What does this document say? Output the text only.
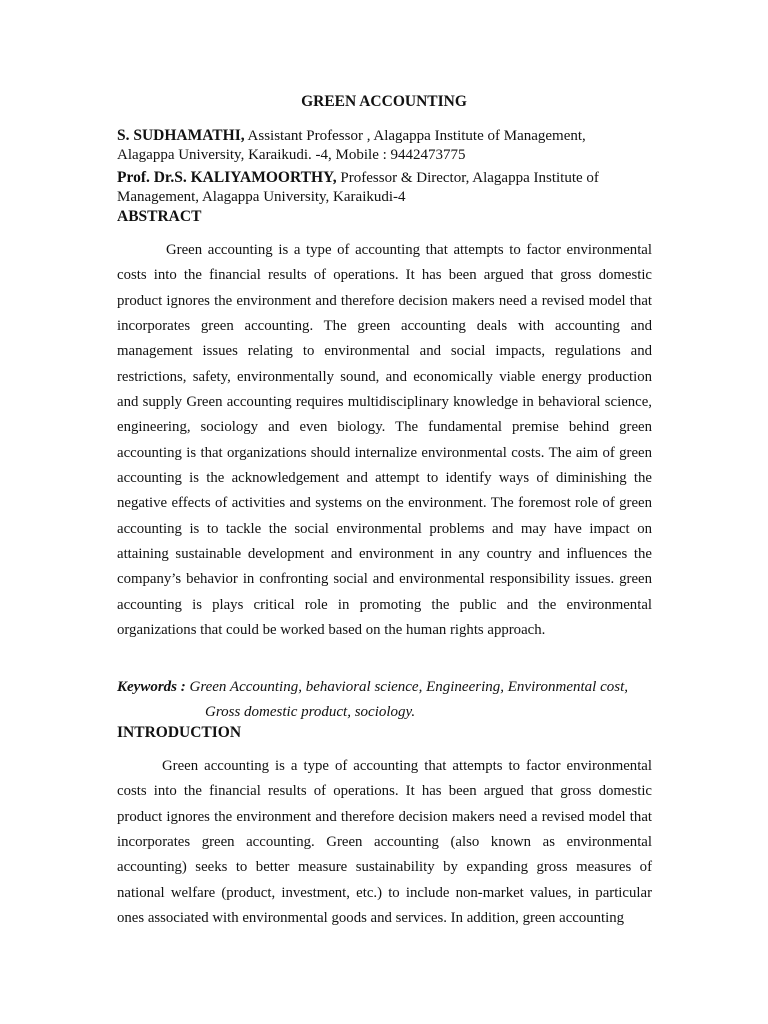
GREEN ACCOUNTING
S. SUDHAMATHI, Assistant Professor , Alagappa Institute of Management,
Alagappa University, Karaikudi. -4, Mobile : 9442473775
Prof. Dr.S. KALIYAMOORTHY, Professor & Director, Alagappa Institute of
Management, Alagappa University, Karaikudi-4
ABSTRACT

Green accounting is a type of accounting that attempts to factor environmental costs into the financial results of operations. It has been argued that gross domestic product ignores the environment and therefore decision makers need a revised model that incorporates green accounting. The green accounting deals with accounting and management issues relating to environmental and social impacts, regulations and restrictions, safety, environmentally sound, and economically viable energy production and supply Green accounting requires multidisciplinary knowledge in behavioral science, engineering, sociology and even biology. The fundamental premise behind green accounting is that organizations should internalize environmental costs. The aim of green accounting is the acknowledgement and attempt to identify ways of diminishing the negative effects of activities and systems on the environment. The foremost role of green accounting is to tackle the social environmental problems and may have impact on attaining sustainable development and environment in any country and influences the company’s behavior in confronting social and environmental responsibility issues. green accounting is plays critical role in promoting the public and the environmental organizations that could be worked based on the human rights approach.

Keywords : Green Accounting, behavioral science, Engineering, Environmental cost,
Gross domestic product, sociology.
INTRODUCTION

Green accounting is a type of accounting that attempts to factor environmental costs into the financial results of operations. It has been argued that gross domestic product ignores the environment and therefore decision makers need a revised model that incorporates green accounting. Green accounting (also known as environmental accounting) seeks to better measure sustainability by expanding gross measures of national welfare (product, investment, etc.) to include non-market values, in particular ones associated with environmental goods and services. In addition, green accounting
